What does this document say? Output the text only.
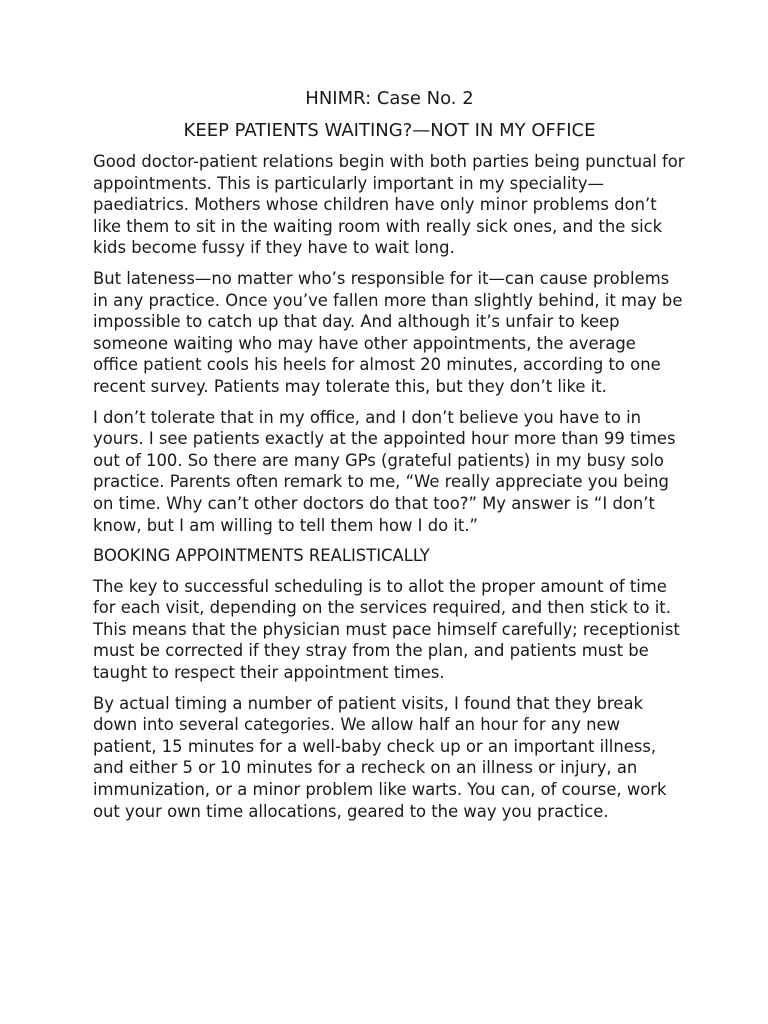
HNIMR: Case No. 2
KEEP PATIENTS WAITING?—NOT IN MY OFFICE

Good doctor-patient relations begin with both parties being punctual for appointments. This is particularly important in my speciality—paediatrics. Mothers whose children have only minor problems don’t like them to sit in the waiting room with really sick ones, and the sick kids become fussy if they have to wait long.

But lateness—no matter who’s responsible for it—can cause problems in any practice. Once you’ve fallen more than slightly behind, it may be impossible to catch up that day. And although it’s unfair to keep someone waiting who may have other appointments, the average office patient cools his heels for almost 20 minutes, according to one recent survey. Patients may tolerate this, but they don’t like it.

I don’t tolerate that in my office, and I don’t believe you have to in yours. I see patients exactly at the appointed hour more than 99 times out of 100. So there are many GPs (grateful patients) in my busy solo practice. Parents often remark to me, “We really appreciate you being on time. Why can’t other doctors do that too?” My answer is “I don’t know, but I am willing to tell them how I do it.”

BOOKING APPOINTMENTS REALISTICALLY

The key to successful scheduling is to allot the proper amount of time for each visit, depending on the services required, and then stick to it. This means that the physician must pace himself carefully; receptionist must be corrected if they stray from the plan, and patients must be taught to respect their appointment times.

By actual timing a number of patient visits, I found that they break down into several categories. We allow half an hour for any new patient, 15 minutes for a well-baby check up or an important illness, and either 5 or 10 minutes for a recheck on an illness or injury, an immunization, or a minor problem like warts. You can, of course, work out your own time allocations, geared to the way you practice.
